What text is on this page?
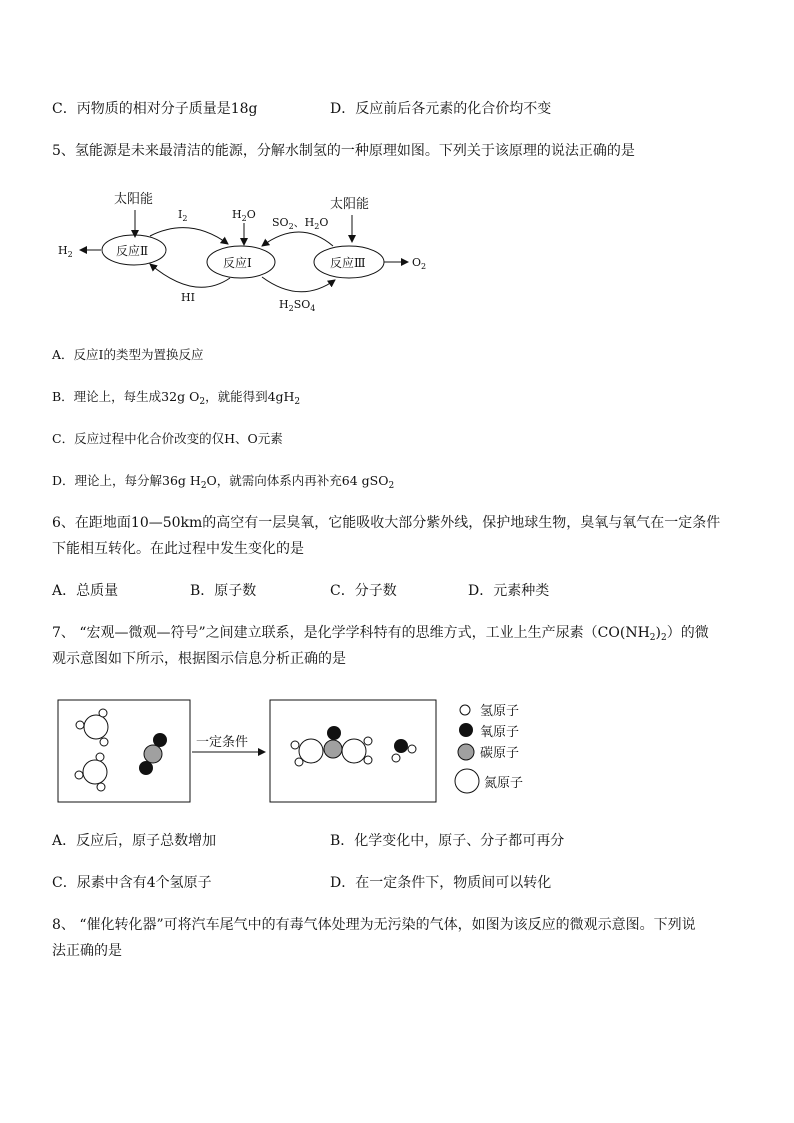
C．丙物质的相对分子质量是18g	D．反应前后各元素的化合价均不变
5、氢能源是未来最清洁的能源，分解水制氢的一种原理如图。下列关于该原理的说法正确的是
太阳能
反应Ⅱ
$H_2$
$I_2$	$H_2O$
反应Ⅰ
HI
$SO_2$、$H_2O$
$H_2SO_4$
太阳能
反应Ⅲ	$O_2$
A．反应Ⅰ的类型为置换反应
B．理论上，每生成32g $O_2$，就能得到$4gH_2$
C．反应过程中化合价改变的仅H、O元素
D．理论上，每分解36g $H_2O$，就需向体系内再补充64 gSO$_2$
6、在距地面10—50km的高空有一层臭氧，它能吸收大部分紫外线，保护地球生物，臭氧与氧气在一定条件
下能相互转化。在此过程中发生变化的是
A．总质量	B．原子数	C．分子数	D．元素种类
7、 “宏观—微观—符号”之间建立联系，是化学学科特有的思维方式，工业上生产尿素$(CO(NH_2)_2)$的微
观示意图如下所示，根据图示信息分析正确的是
一定条件
氢原子
氧原子
碳原子
氮原子
A．反应后，原子总数增加	B．化学变化中，原子、分子都可再分
C．尿素中含有4个氢原子	D．在一定条件下，物质间可以转化
8、 “催化转化器”可将汽车尾气中的有毒气体处理为无污染的气体，如图为该反应的微观示意图。下列说
法正确的是
